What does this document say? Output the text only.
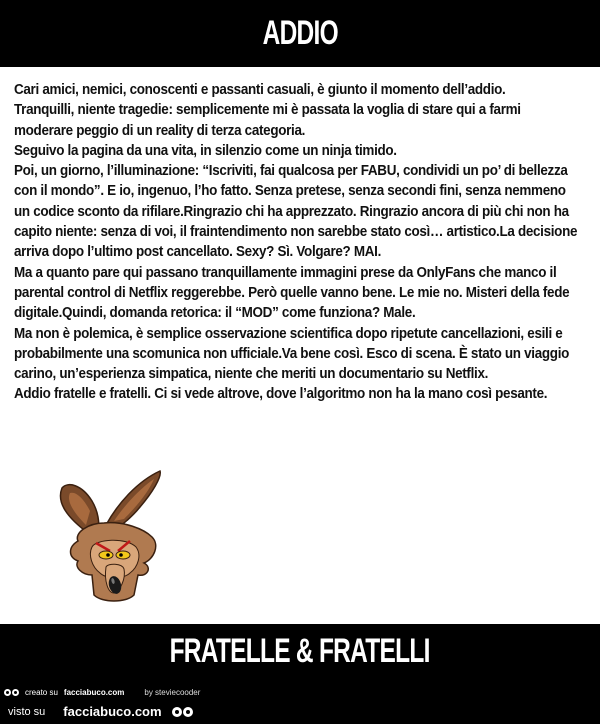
ADDIO

Cari amici, nemici, conoscenti e passanti casuali, è giunto il momento dell’addio.

Tranquilli, niente tragedie: semplicemente mi è passata la voglia di stare qui a farmi moderare peggio di un reality di terza categoria.

Seguivo la pagina da una vita, in silenzio come un ninja timido.

Poi, un giorno, l’illuminazione: “Iscriviti, fai qualcosa per FABU, condividi un po’ di bellezza con il mondo”. E io, ingenuo, l’ho fatto. Senza pretese, senza secondi fini, senza nemmeno un codice sconto da rifilare.Ringrazio chi ha apprezzato. Ringrazio ancora di più chi non ha capito niente: senza di voi, il fraintendimento non sarebbe stato così… artistico.La decisione arriva dopo l’ultimo post cancellato. Sexy? Sì. Volgare? MAI.

Ma a quanto pare qui passano tranquillamente immagini prese da OnlyFans che manco il parental control di Netflix reggerebbe. Però quelle vanno bene. Le mie no. Misteri della fede digitale.Quindi, domanda retorica: il “MOD” come funziona? Male.

Ma non è polemica, è semplice osservazione scientifica dopo ripetute cancellazioni, esili e probabilmente una scomunica non ufficiale.Va bene così. Esco di scena. È stato un viaggio carino, un’esperienza simpatica, niente che meriti un documentario su Netflix.

Addio fratelle e fratelli. Ci si vede altrove, dove l’algoritmo non ha la mano così pesante.

FRATELLE & FRATELLI
creato su facciabuco.com	by steviecooder
visto su facciabuco.com
